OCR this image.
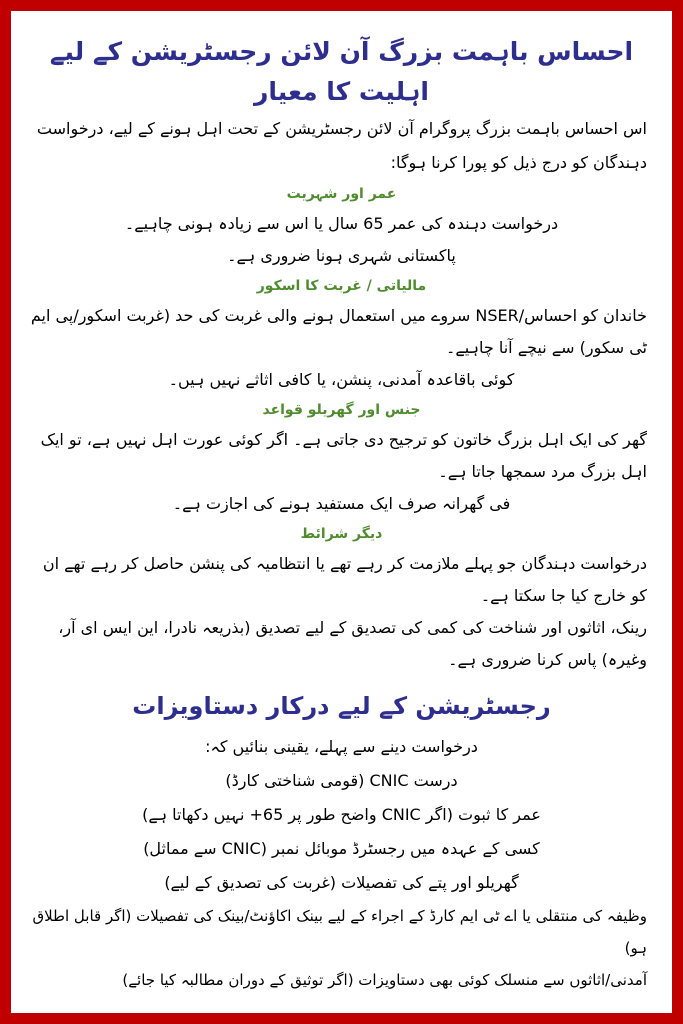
احساس باہمت بزرگ آن لائن رجسٹریشن کے لیے اہلیت کا معیار

اس احساس باہمت بزرگ پروگرام آن لائن رجسٹریشن کے تحت اہل ہونے کے لیے، درخواست دہندگان کو درج ذیل کو پورا کرنا ہوگا:

عمر اور شہریت

درخواست دہندہ کی عمر 65 سال یا اس سے زیادہ ہونی چاہیے۔

پاکستانی شہری ہونا ضروری ہے۔

مالیاتی / غربت کا اسکور

خاندان کو احساس/NSER سروے میں استعمال ہونے والی غربت کی حد (غربت اسکور/پی ایم ٹی سکور) سے نیچے آنا چاہیے۔

کوئی باقاعدہ آمدنی، پنشن، یا کافی اثاثے نہیں ہیں۔

جنس اور گھریلو قواعد

گھر کی ایک اہل بزرگ خاتون کو ترجیح دی جاتی ہے۔ اگر کوئی عورت اہل نہیں ہے، تو ایک اہل بزرگ مرد سمجھا جاتا ہے۔

فی گھرانہ صرف ایک مستفید ہونے کی اجازت ہے۔

دیگر شرائط

درخواست دہندگان جو پہلے ملازمت کر رہے تھے یا انتظامیہ کی پنشن حاصل کر رہے تھے ان کو خارج کیا جا سکتا ہے۔

رینک، اثاثوں اور شناخت کی کمی کی تصدیق کے لیے تصدیق (بذریعہ نادرا، این ایس ای آر، وغیرہ) پاس کرنا ضروری ہے۔

رجسٹریشن کے لیے درکار دستاویزات

درخواست دینے سے پہلے، یقینی بنائیں کہ:

درست CNIC (قومی شناختی کارڈ)

عمر کا ثبوت (اگر CNIC واضح طور پر 65+ نہیں دکھاتا ہے)

کسی کے عہدہ میں رجسٹرڈ موبائل نمبر (CNIC سے مماثل)

گھریلو اور پتے کی تفصیلات (غربت کی تصدیق کے لیے)

وظیفہ کی منتقلی یا اے ٹی ایم کارڈ کے اجراء کے لیے بینک اکاؤنٹ/بینک کی تفصیلات (اگر قابل اطلاق ہو)

آمدنی/اثاثوں سے منسلک کوئی بھی دستاویزات (اگر توثیق کے دوران مطالبہ کیا جائے)
